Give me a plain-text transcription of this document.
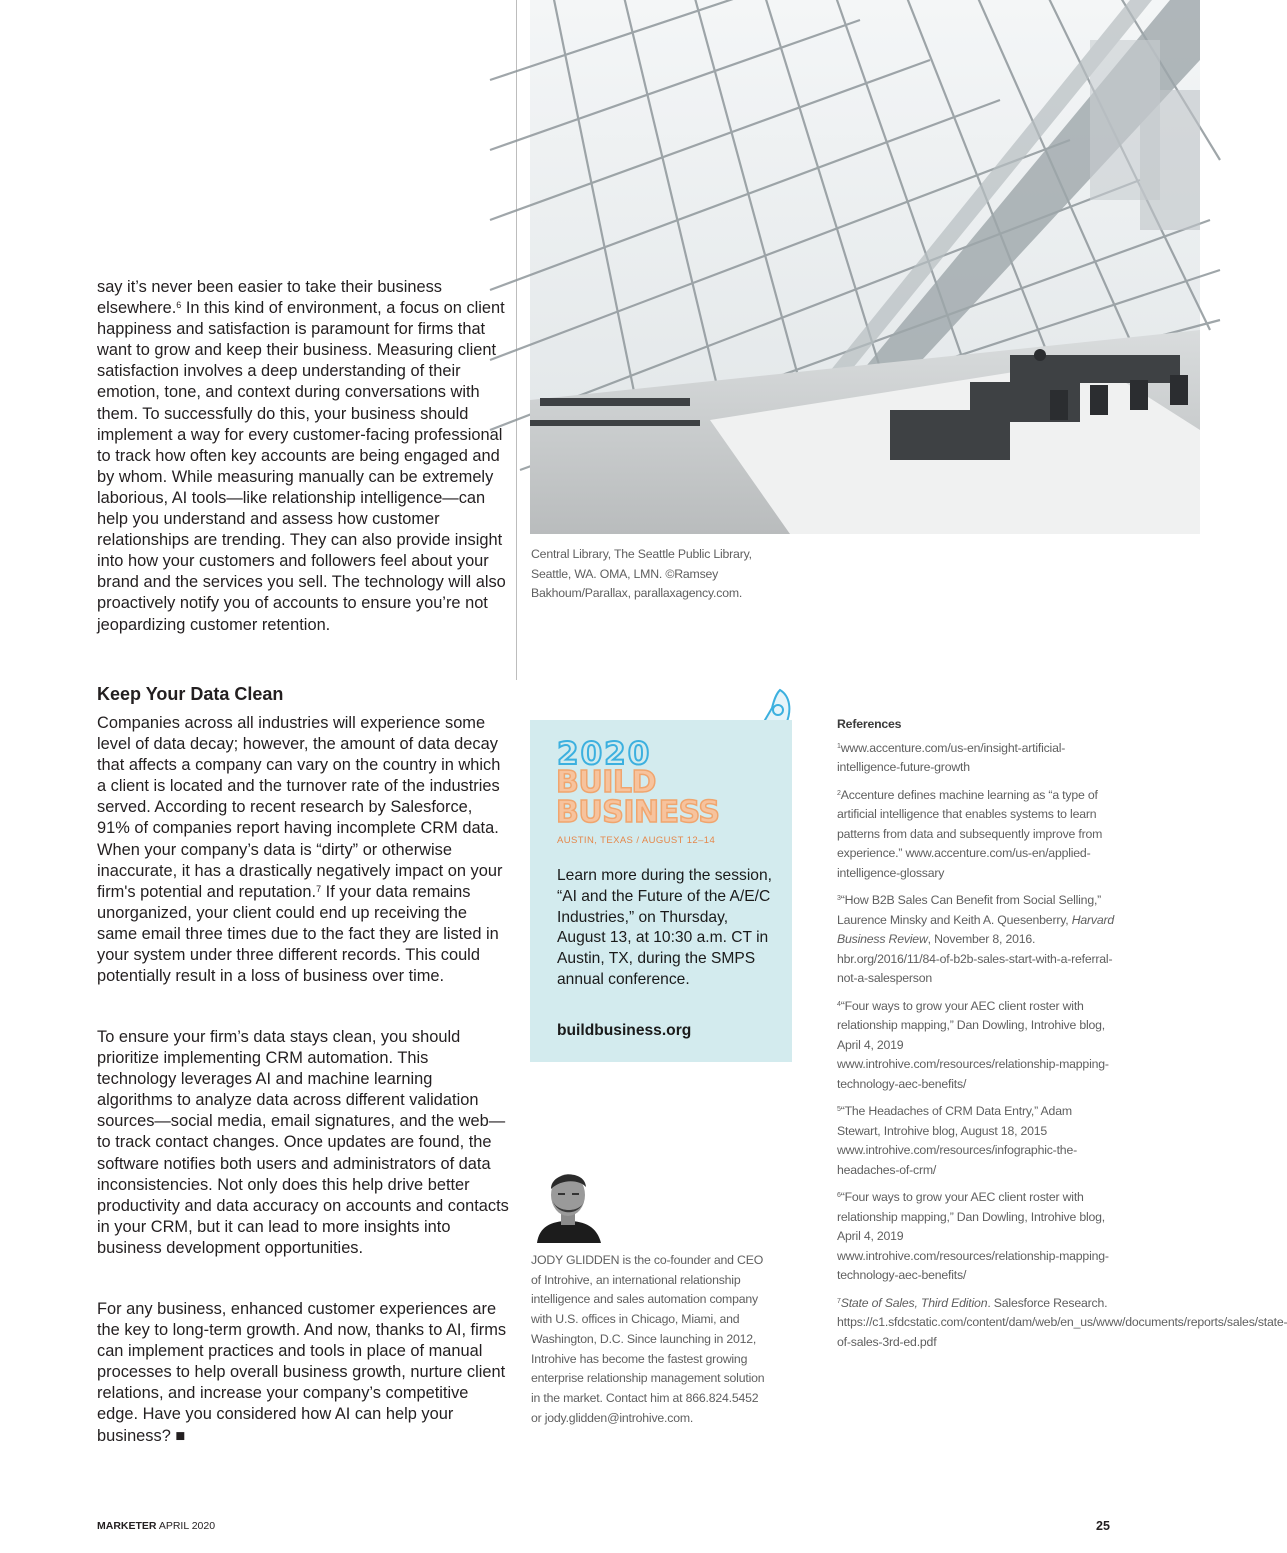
say it’s never been easier to take their business elsewhere.$^6$ In this kind of environment, a focus on client happiness and satisfaction is paramount for firms that want to grow and keep their business. Measuring client satisfaction involves a deep understanding of their emotion, tone, and context during conversations with them. To successfully do this, your business should implement a way for every customer-facing professional to track how often key accounts are being engaged and by whom. While measuring manually can be extremely laborious, AI tools—like relationship intelligence—can help you understand and assess how customer relationships are trending. They can also provide insight into how your customers and followers feel about your brand and the services you sell. The technology will also proactively notify you of accounts to ensure you’re not jeopardizing customer retention.

Keep Your Data Clean

Companies across all industries will experience some level of data decay; however, the amount of data decay that affects a company can vary on the country in which a client is located and the turnover rate of the industries served. According to recent research by Salesforce, 91% of companies report having incomplete CRM data. When your company’s data is “dirty” or otherwise inaccurate, it has a drastically negatively impact on your firm's potential and reputation.$^7$ If your data remains unorganized, your client could end up receiving the same email three times due to the fact they are listed in your system under three different records. This could potentially result in a loss of business over time.

To ensure your firm’s data stays clean, you should prioritize implementing CRM automation. This technology leverages AI and machine learning algorithms to analyze data across different validation sources—social media, email signatures, and the web—to track contact changes. Once updates are found, the software notifies both users and administrators of data inconsistencies. Not only does this help drive better productivity and data accuracy on accounts and contacts in your CRM, but it can lead to more insights into business development opportunities.

For any business, enhanced customer experiences are the key to long-term growth. And now, thanks to AI, firms can implement practices and tools in place of manual processes to help overall business growth, nurture client relations, and increase your company’s competitive edge. Have you considered how AI can help your business? ■

Central Library, The Seattle Public Library, Seattle, WA. OMA, LMN. ©Ramsey Bakhoum/Parallax, parallaxagency.com.
2020
BUILD
BUSINESS
AUSTIN, TEXAS / AUGUST 12–14
Learn more during the session, “AI and the Future of the A/E/C Industries,” on Thursday, August 13, at 10:30 a.m. CT in Austin, TX, during the SMPS annual conference.
buildbusiness.org
JODY GLIDDEN is the co-founder and CEO of Introhive, an international relationship intelligence and sales automation company with U.S. offices in Chicago, Miami, and Washington, D.C. Since launching in 2012, Introhive has become the fastest growing enterprise relationship management solution in the market. Contact him at 866.824.5452 or jody.glidden@introhive.com.
References
$^1$www.accenture.com/us-en/insight-artificial-intelligence-future-growth
$^2$Accenture defines machine learning as “a type of artificial intelligence that enables systems to learn patterns from data and subsequently improve from experience.” www.accenture.com/us-en/applied-intelligence-glossary
$^3$“How B2B Sales Can Benefit from Social Selling,” Laurence Minsky and Keith A. Quesenberry, Harvard Business Review, November 8, 2016. hbr.org/2016/11/84-of-b2b-sales-start-with-a-referral-not-a-salesperson
$^4$“Four ways to grow your AEC client roster with relationship mapping,” Dan Dowling, Introhive blog, April 4, 2019 www.introhive.com/resources/relationship-mapping-technology-aec-benefits/
$^5$“The Headaches of CRM Data Entry,” Adam Stewart, Introhive blog, August 18, 2015 www.introhive.com/resources/infographic-the-headaches-of-crm/
$^6$“Four ways to grow your AEC client roster with relationship mapping,” Dan Dowling, Introhive blog, April 4, 2019 www.introhive.com/resources/relationship-mapping-technology-aec-benefits/
$^7$State of Sales, Third Edition. Salesforce Research. https://c1.sfdcstatic.com/content/dam/web/en_us/www/documents/reports/sales/state-of-sales-3rd-ed.pdf
MARKETER APRIL 2020	25
